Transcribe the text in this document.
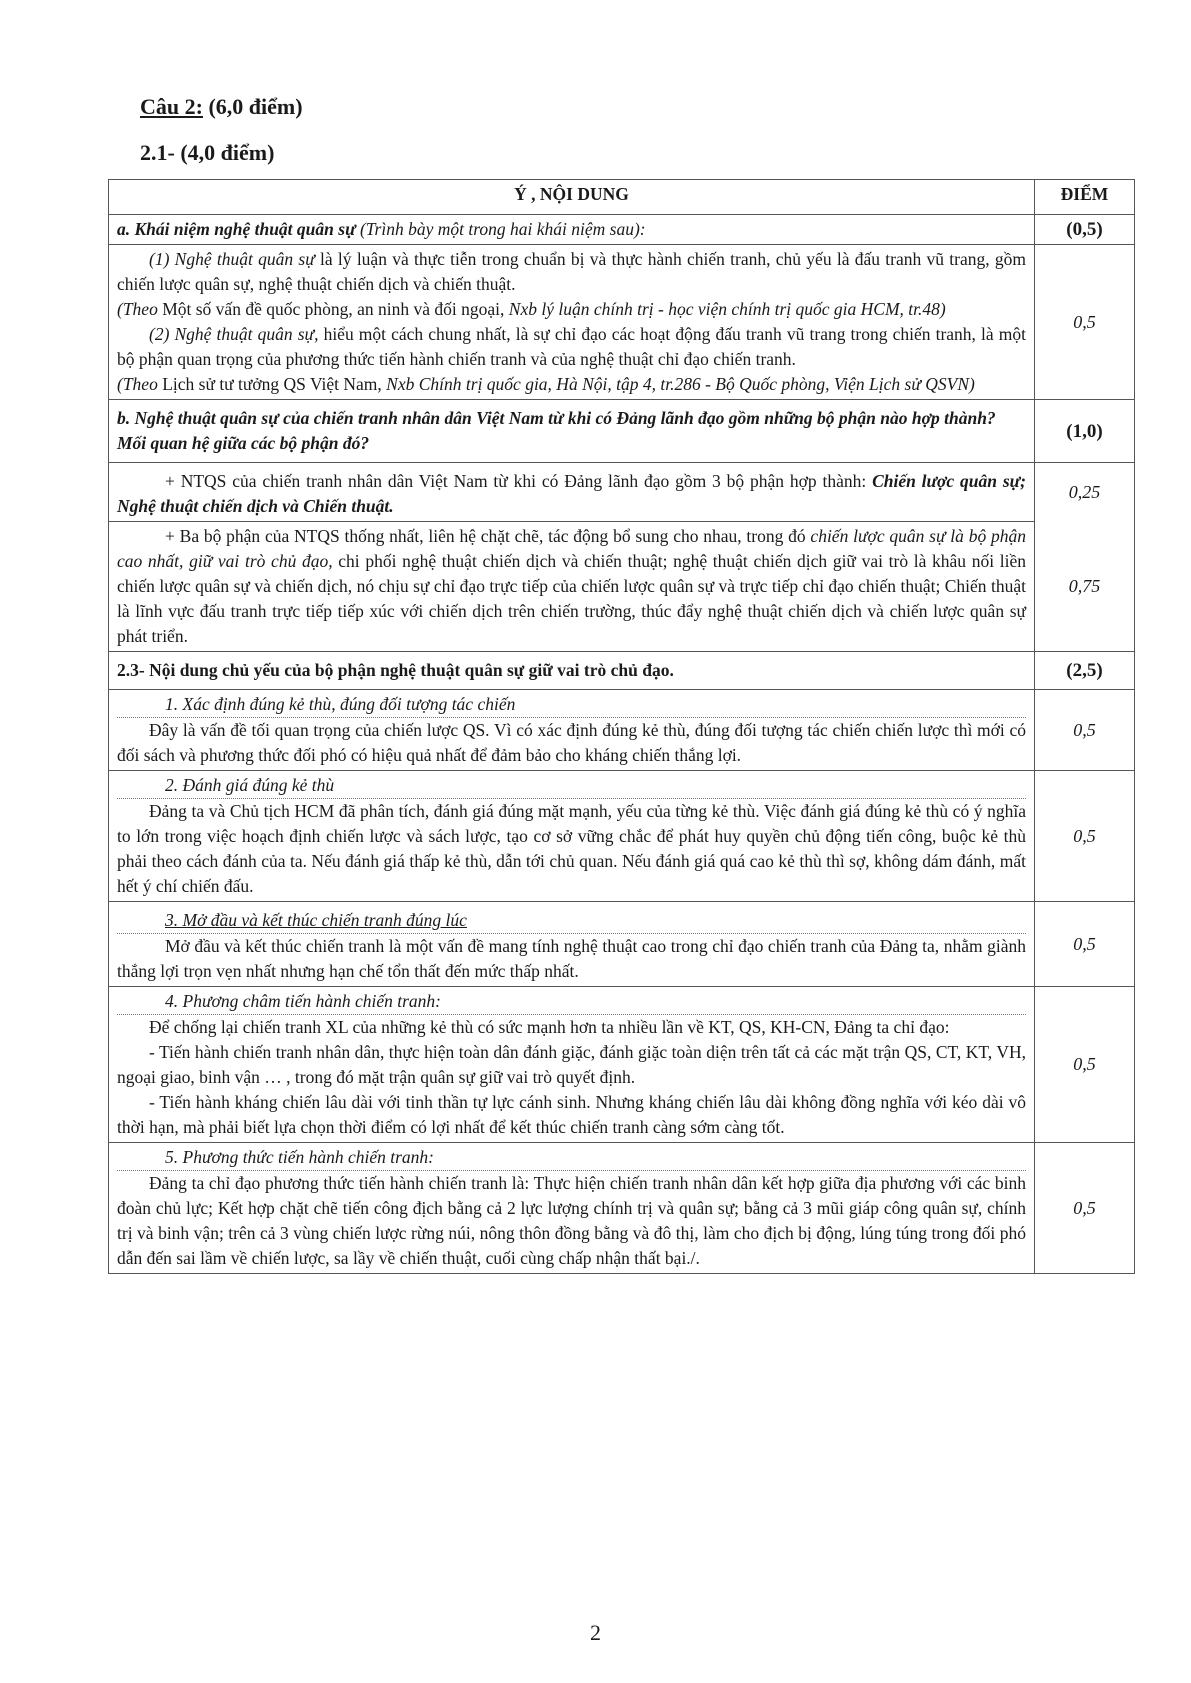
Câu 2: (6,0 điểm)
2.1- (4,0 điểm)
Ý , NỘI DUNG	ĐIỂM
a. Khái niệm nghệ thuật quân sự (Trình bày một trong hai khái niệm sau):	(0,5)

(1) Nghệ thuật quân sự là lý luận và thực tiễn trong chuẩn bị và thực hành chiến tranh, chủ yếu là đấu tranh vũ trang, gồm chiến lược quân sự, nghệ thuật chiến dịch và chiến thuật.

(Theo Một số vấn đề quốc phòng, an ninh và đối ngoại, Nxb lý luận chính trị - học viện chính trị quốc gia HCM, tr.48)

(2) Nghệ thuật quân sự, hiểu một cách chung nhất, là sự chỉ đạo các hoạt động đấu tranh vũ trang trong chiến tranh, là một bộ phận quan trọng của phương thức tiến hành chiến tranh và của nghệ thuật chỉ đạo chiến tranh.

(Theo Lịch sử tư tưởng QS Việt Nam, Nxb Chính trị quốc gia, Hà Nội, tập 4, tr.286 - Bộ Quốc phòng, Viện Lịch sử QSVN)	0,5
b. Nghệ thuật quân sự của chiến tranh nhân dân Việt Nam từ khi có Đảng lãnh đạo gồm những bộ phận nào hợp thành? Mối quan hệ giữa các bộ phận đó?	(1,0)

+ NTQS của chiến tranh nhân dân Việt Nam từ khi có Đảng lãnh đạo gồm 3 bộ phận hợp thành: Chiến lược quân sự; Nghệ thuật chiến dịch và Chiến thuật.	0,25

+ Ba bộ phận của NTQS thống nhất, liên hệ chặt chẽ, tác động bổ sung cho nhau, trong đó chiến lược quân sự là bộ phận cao nhất, giữ vai trò chủ đạo, chi phối nghệ thuật chiến dịch và chiến thuật; nghệ thuật chiến dịch giữ vai trò là khâu nối liền chiến lược quân sự và chiến dịch, nó chịu sự chỉ đạo trực tiếp của chiến lược quân sự và trực tiếp chỉ đạo chiến thuật; Chiến thuật là lĩnh vực đấu tranh trực tiếp tiếp xúc với chiến dịch trên chiến trường, thúc đẩy nghệ thuật chiến dịch và chiến lược quân sự phát triển.	0,75
2.3- Nội dung chủ yếu của bộ phận nghệ thuật quân sự giữ vai trò chủ đạo.	(2,5)

1. Xác định đúng kẻ thù, đúng đối tượng tác chiến

Đây là vấn đề tối quan trọng của chiến lược QS. Vì có xác định đúng kẻ thù, đúng đối tượng tác chiến chiến lược thì mới có đối sách và phương thức đối phó có hiệu quả nhất để đảm bảo cho kháng chiến thắng lợi.	0,5

2. Đánh giá đúng kẻ thù

Đảng ta và Chủ tịch HCM đã phân tích, đánh giá đúng mặt mạnh, yếu của từng kẻ thù. Việc đánh giá đúng kẻ thù có ý nghĩa to lớn trong việc hoạch định chiến lược và sách lược, tạo cơ sở vững chắc để phát huy quyền chủ động tiến công, buộc kẻ thù phải theo cách đánh của ta. Nếu đánh giá thấp kẻ thù, dẫn tới chủ quan. Nếu đánh giá quá cao kẻ thù thì sợ, không dám đánh, mất hết ý chí chiến đấu.	0,5

3. Mở đầu và kết thúc chiến tranh đúng lúc

Mở đầu và kết thúc chiến tranh là một vấn đề mang tính nghệ thuật cao trong chỉ đạo chiến tranh của Đảng ta, nhằm giành thắng lợi trọn vẹn nhất nhưng hạn chế tổn thất đến mức thấp nhất.	0,5

4. Phương châm tiến hành chiến tranh:

Để chống lại chiến tranh XL của những kẻ thù có sức mạnh hơn ta nhiều lần về KT, QS, KH-CN, Đảng ta chỉ đạo:

- Tiến hành chiến tranh nhân dân, thực hiện toàn dân đánh giặc, đánh giặc toàn diện trên tất cả các mặt trận QS, CT, KT, VH, ngoại giao, binh vận … , trong đó mặt trận quân sự giữ vai trò quyết định.

- Tiến hành kháng chiến lâu dài với tinh thần tự lực cánh sinh. Nhưng kháng chiến lâu dài không đồng nghĩa với kéo dài vô thời hạn, mà phải biết lựa chọn thời điểm có lợi nhất để kết thúc chiến tranh càng sớm càng tốt.	0,5

5. Phương thức tiến hành chiến tranh:

Đảng ta chỉ đạo phương thức tiến hành chiến tranh là: Thực hiện chiến tranh nhân dân kết hợp giữa địa phương với các binh đoàn chủ lực; Kết hợp chặt chẽ tiến công địch bằng cả 2 lực lượng chính trị và quân sự; bằng cả 3 mũi giáp công quân sự, chính trị và binh vận; trên cả 3 vùng chiến lược rừng núi, nông thôn đồng bằng và đô thị, làm cho địch bị động, lúng túng trong đối phó dẫn đến sai lầm về chiến lược, sa lầy về chiến thuật, cuối cùng chấp nhận thất bại./.	0,5
2
